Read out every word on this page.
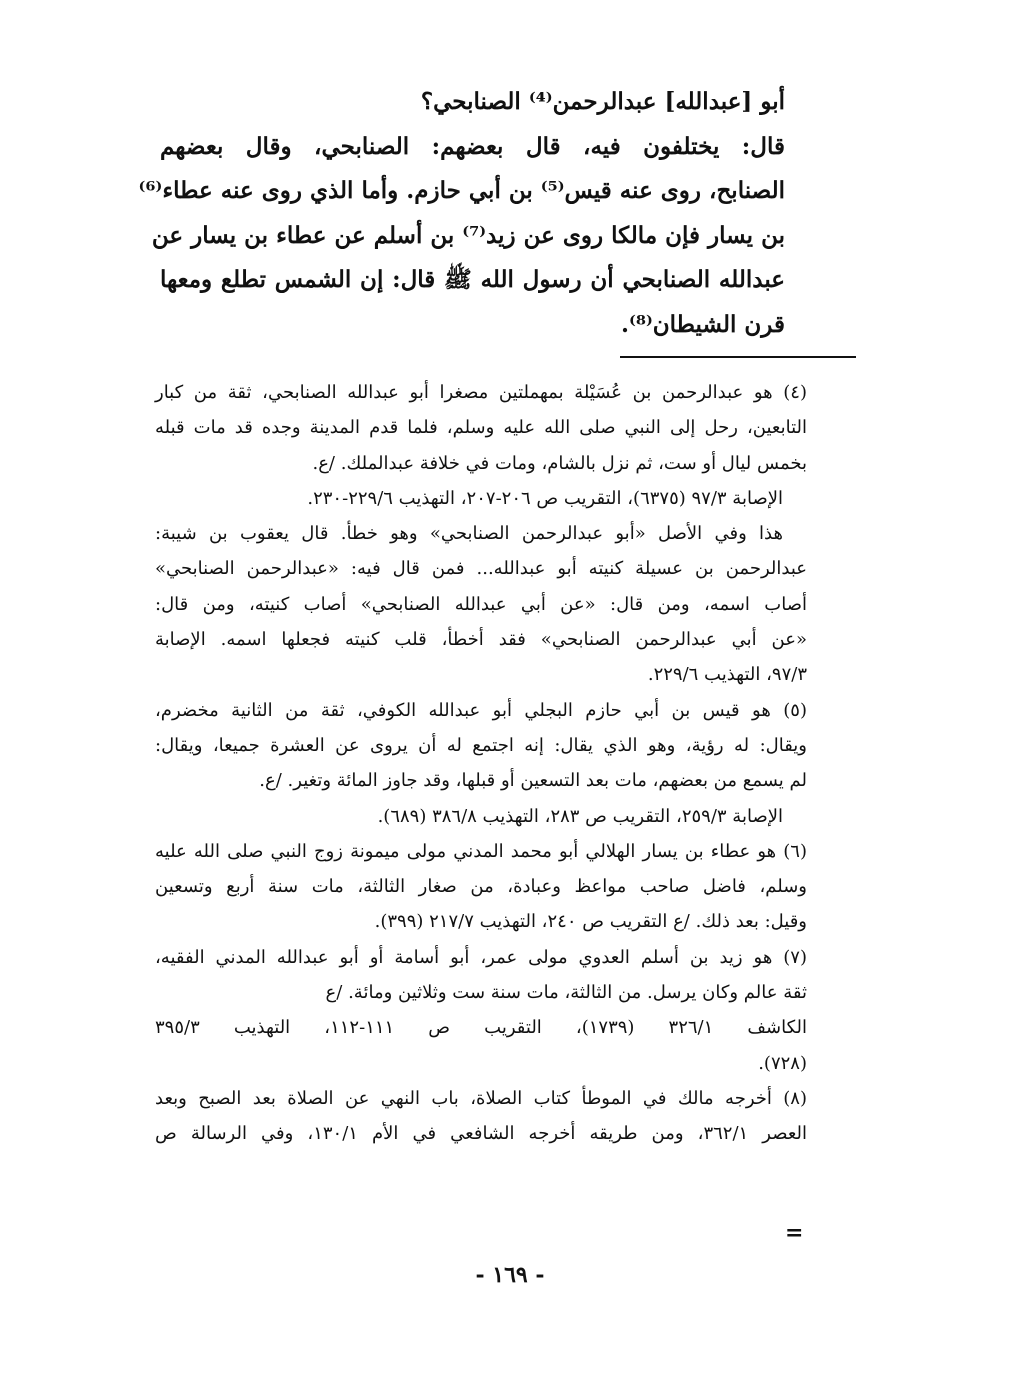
أبو [عبدالله] عبدالرحمن⁽⁴⁾ الصنابحي؟

قال: يختلفون فيه، قال بعضهم: الصنابحي، وقال بعضهم

الصنابح، روى عنه قيس⁽⁵⁾ بن أبي حازم. وأما الذي روى عنه عطاء⁽⁶⁾

بن يسار فإن مالكا روى عن زيد⁽⁷⁾ بن أسلم عن عطاء بن يسار عن

عبدالله الصنابحي أن رسول الله ﷺ قال: إن الشمس تطلع ومعها

قرن الشيطان⁽⁸⁾.

(٤) هو عبدالرحمن بن عُسَيْلة بمهملتين مصغرا أبو عبدالله الصنابحي، ثقة من كبار

التابعين، رحل إلى النبي صلى الله عليه وسلم، فلما قدم المدينة وجده قد مات قبله

بخمس ليال أو ست، ثم نزل بالشام، ومات في خلافة عبدالملك. /ع.

الإصابة ٩٧/٣ (٦٣٧٥)، التقريب ص ٢٠٦-٢٠٧، التهذيب ٢٢٩/٦-٢٣٠.

هذا وفي الأصل «أبو عبدالرحمن الصنابحي» وهو خطأ. قال يعقوب بن شيبة:

عبدالرحمن بن عسيلة كنيته أبو عبدالله... فمن قال فيه: «عبدالرحمن الصنابحي»

أصاب اسمه، ومن قال: «عن أبي عبدالله الصنابحي» أصاب كنيته، ومن قال:

«عن أبي عبدالرحمن الصنابحي» فقد أخطأ، قلب كنيته فجعلها اسمه. الإصابة

٩٧/٣، التهذيب ٢٢٩/٦.

(٥) هو قيس بن أبي حازم البجلي أبو عبدالله الكوفي، ثقة من الثانية مخضرم،

ويقال: له رؤية، وهو الذي يقال: إنه اجتمع له أن يروى عن العشرة جميعا، ويقال:

لم يسمع من بعضهم، مات بعد التسعين أو قبلها، وقد جاوز المائة وتغير. /ع.

الإصابة ٢٥٩/٣، التقريب ص ٢٨٣، التهذيب ٣٨٦/٨ (٦٨٩).

(٦) هو عطاء بن يسار الهلالي أبو محمد المدني مولى ميمونة زوج النبي صلى الله عليه

وسلم، فاضل صاحب مواعظ وعبادة، من صغار الثالثة، مات سنة أربع وتسعين

وقيل: بعد ذلك. /ع التقريب ص ٢٤٠، التهذيب ٢١٧/٧ (٣٩٩).

(٧) هو زيد بن أسلم العدوي مولى عمر، أبو أسامة أو أبو عبدالله المدني الفقيه،

ثقة عالم وكان يرسل. من الثالثة، مات سنة ست وثلاثين ومائة. /ع

الكاشف ٣٢٦/١ (١٧٣٩)، التقريب ص ١١١-١١٢، التهذيب ٣٩٥/٣

(٧٢٨).

(٨) أخرجه مالك في الموطأ كتاب الصلاة، باب النهي عن الصلاة بعد الصبح وبعد

العصر ٣٦٢/١، ومن طريقه أخرجه الشافعي في الأم ١٣٠/١، وفي الرسالة ص

=
- ١٦٩ -
